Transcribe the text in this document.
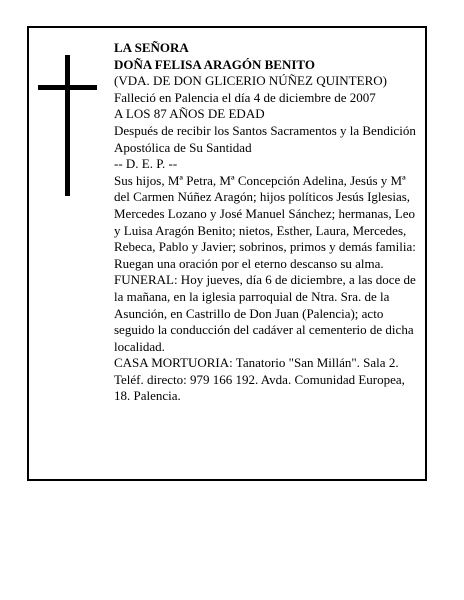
LA SEÑORA

DOÑA FELISA ARAGÓN BENITO

(VDA. DE DON GLICERIO NÚÑEZ QUINTERO)

Falleció en Palencia el día 4 de diciembre de 2007

A LOS 87 AÑOS DE EDAD

Después de recibir los Santos Sacramentos y la Bendición Apostólica de Su Santidad

-- D. E. P. --

Sus hijos, Mª Petra, Mª Concepción Adelina, Jesús y Mª del Carmen Núñez Aragón; hijos políticos Jesús Iglesias, Mercedes Lozano y José Manuel Sánchez; hermanas, Leo y Luisa Aragón Benito; nietos, Esther, Laura, Mercedes, Rebeca, Pablo y Javier; sobrinos, primos y demás familia:

Ruegan una oración por el eterno descanso su alma.

FUNERAL: Hoy jueves, día 6 de diciembre, a las doce de la mañana, en la iglesia parroquial de Ntra. Sra. de la Asunción, en Castrillo de Don Juan (Palencia); acto seguido la conducción del cadáver al cementerio de dicha localidad.

CASA MORTUORIA: Tanatorio "San Millán". Sala 2. Teléf. directo: 979 166 192. Avda. Comunidad Europea, 18. Palencia.
